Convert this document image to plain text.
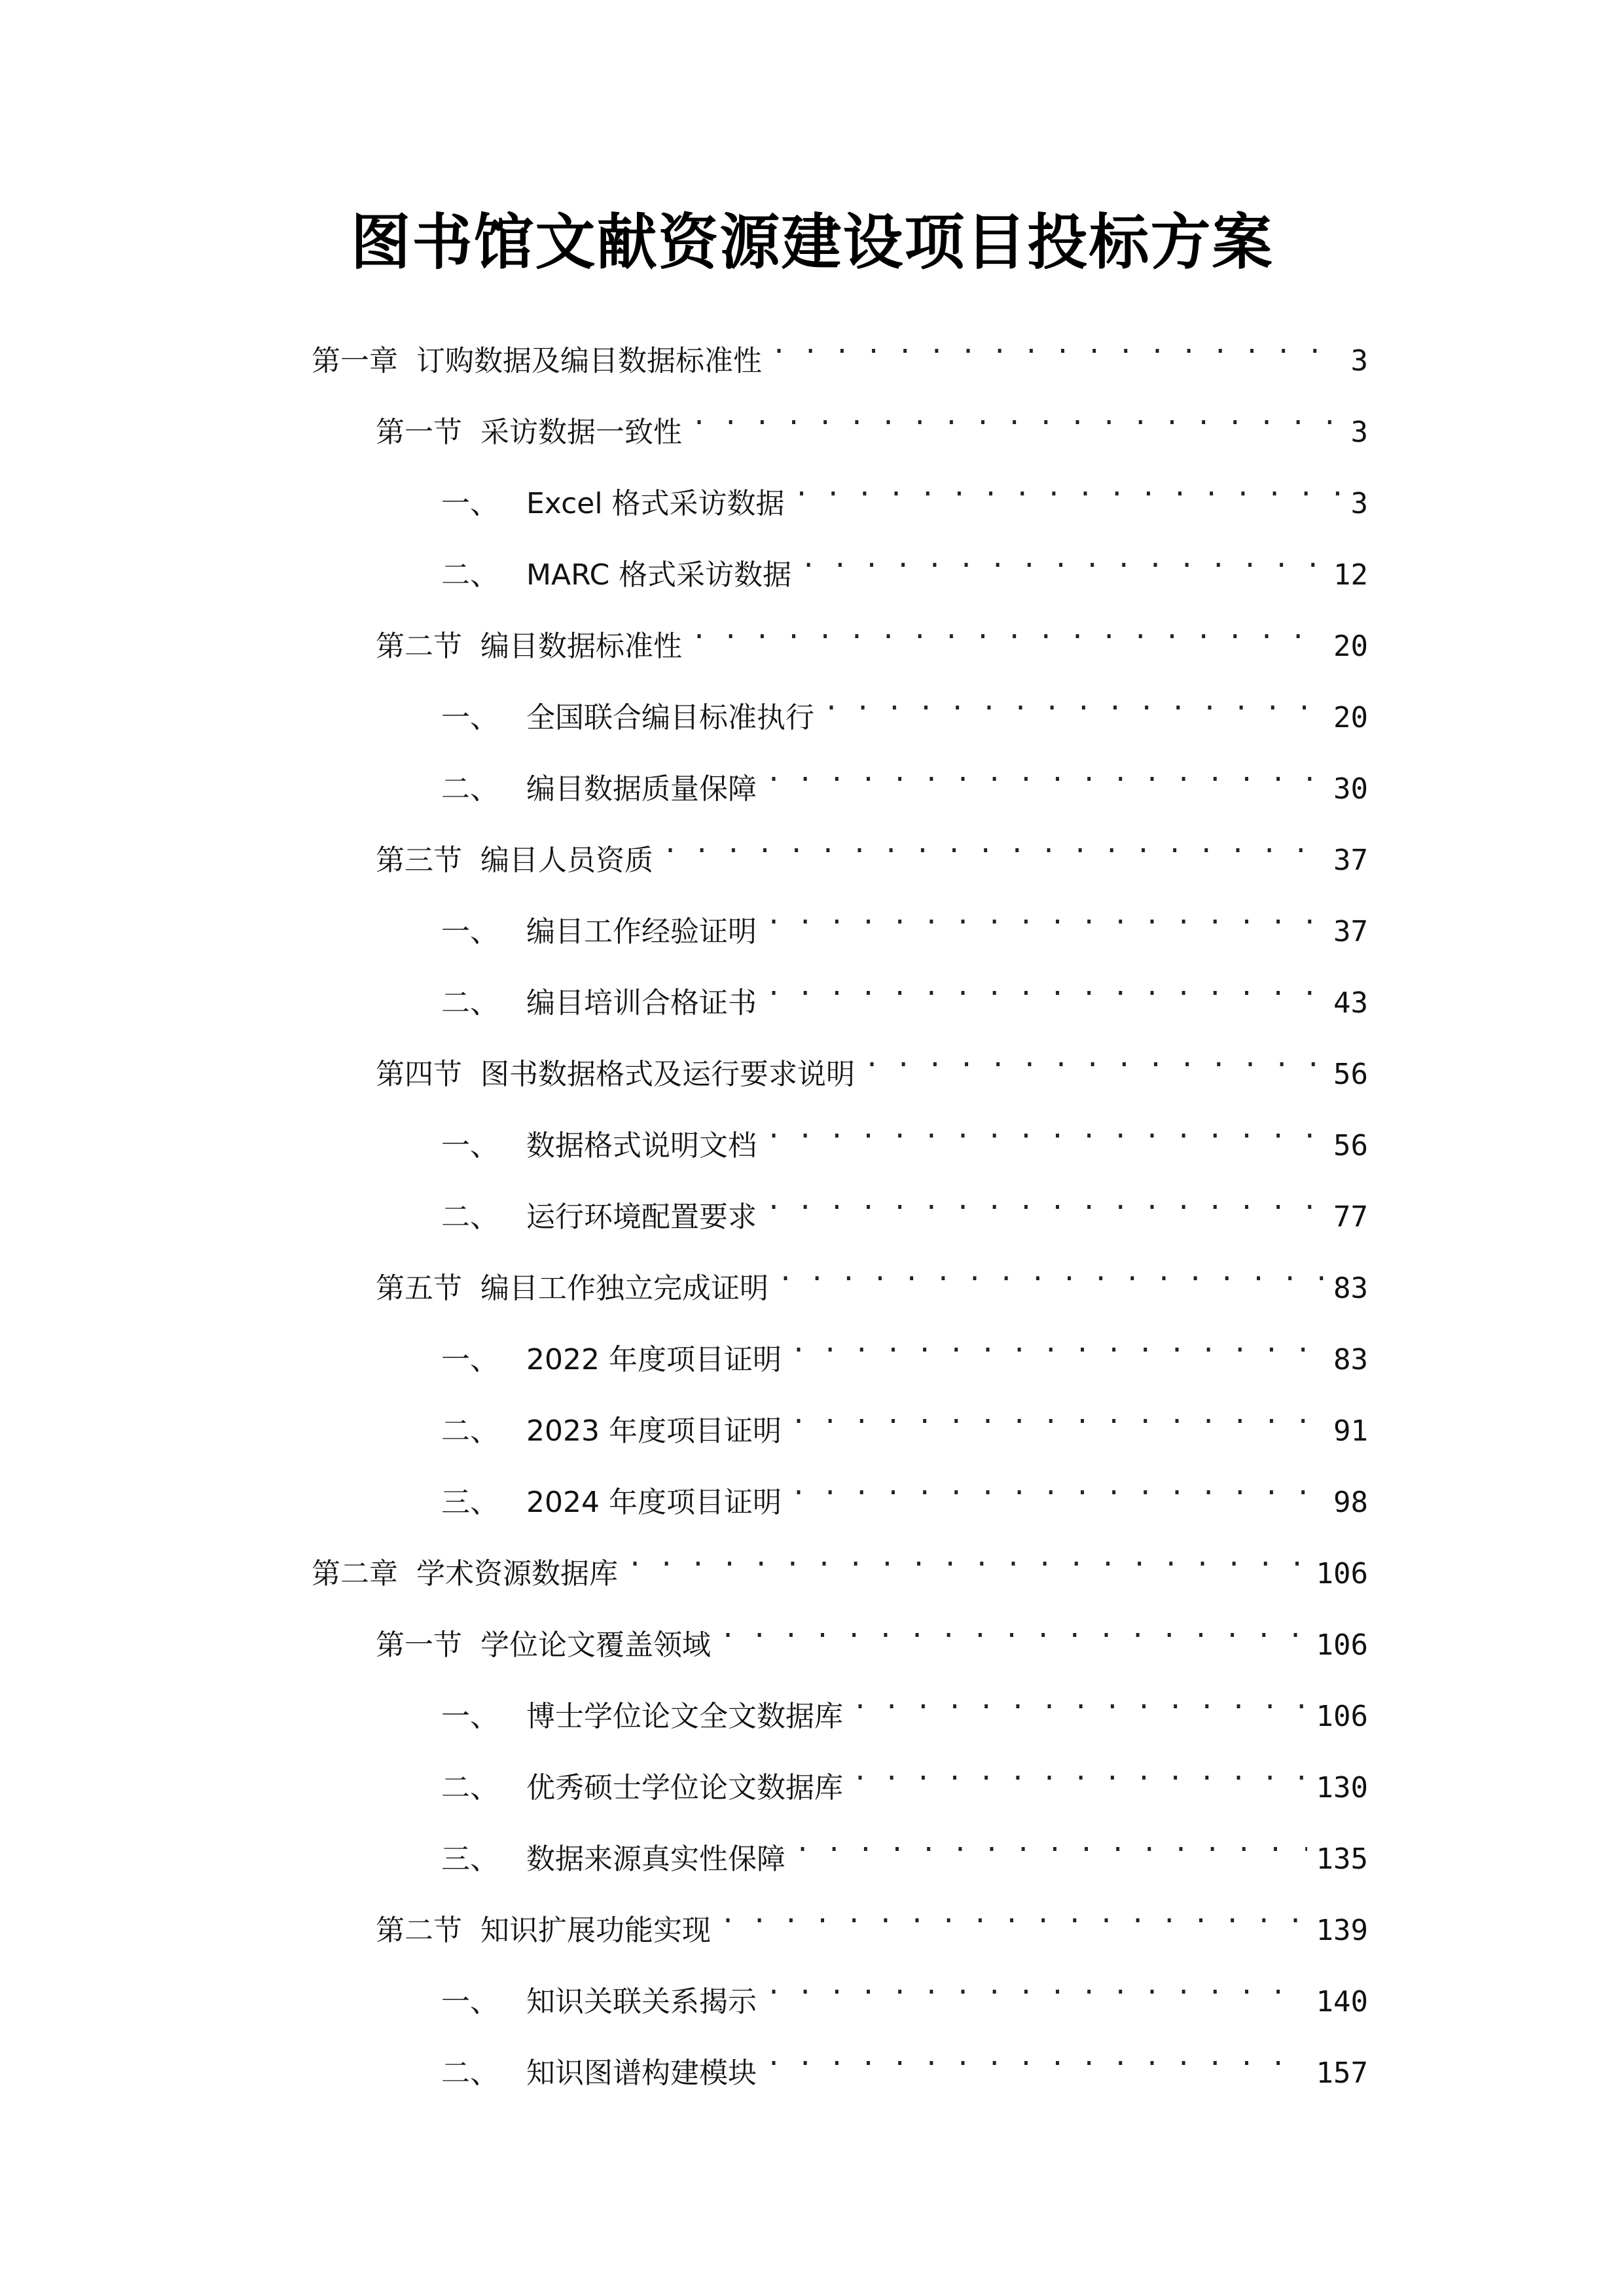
图书馆文献资源建设项目投标方案
第一章 订购数据及编目数据标准性 . . .	3
第一节 采访数据一致性 . . .	3
一、 Excel 格式采访数据 . . .	3
二、 MARC 格式采访数据 . . .	12
第二节 编目数据标准性 . . .	20
一、 全国联合编目标准执行 . . .	20
二、 编目数据质量保障 . . .	30
第三节 编目人员资质 . . .	37
一、 编目工作经验证明 . . .	37
二、 编目培训合格证书 . . .	43
第四节 图书数据格式及运行要求说明 . . .	56
一、 数据格式说明文档 . . .	56
二、 运行环境配置要求 . . .	77
第五节 编目工作独立完成证明 . . .	83
一、 2022 年度项目证明 . . .	83
二、 2023 年度项目证明 . . .	91
三、 2024 年度项目证明 . . .	98
第二章 学术资源数据库 . . .	106
第一节 学位论文覆盖领域 . . .	106
一、 博士学位论文全文数据库 . . .	106
二、 优秀硕士学位论文数据库 . . .	130
三、 数据来源真实性保障 . . .	135
第二节 知识扩展功能实现 . . .	139
一、 知识关联关系揭示 . . .	140
二、 知识图谱构建模块 . . .	157
